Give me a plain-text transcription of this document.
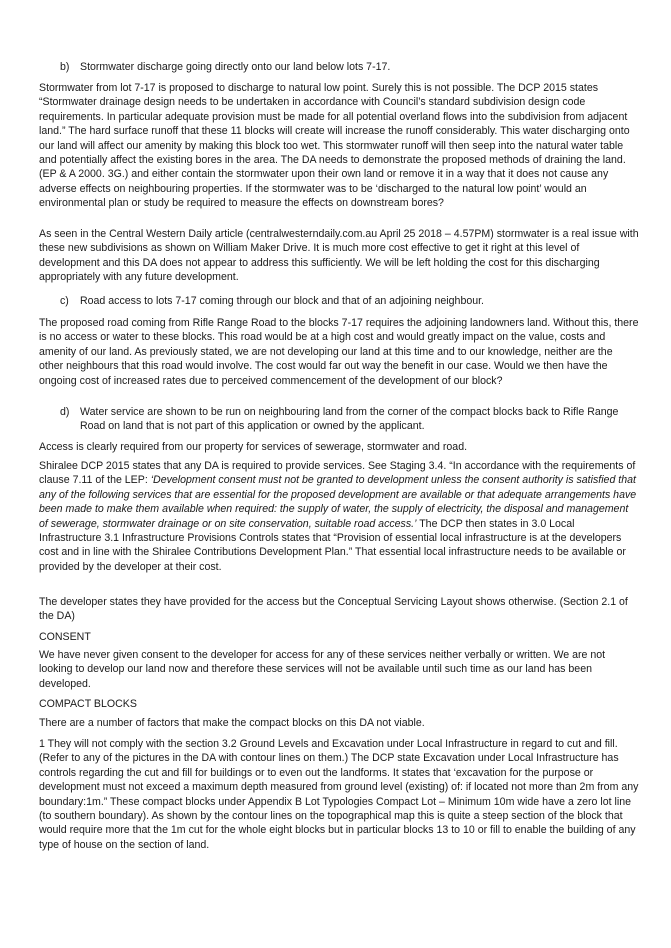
b) Stormwater discharge going directly onto our land below lots 7-17.

Stormwater from lot 7-17 is proposed to discharge to natural low point. Surely this is not possible. The DCP 2015 states “Stormwater drainage design needs to be undertaken in accordance with Council’s standard subdivision design code requirements. In particular adequate provision must be made for all potential overland flows into the subdivision from adjacent land.” The hard surface runoff that these 11 blocks will create will increase the runoff considerably. This water discharging onto our land will affect our amenity by making this block too wet. This stormwater runoff will then seep into the natural water table and potentially affect the existing bores in the area. The DA needs to demonstrate the proposed methods of draining the land. (EP & A 2000. 3G.) and either contain the stormwater upon their own land or remove it in a way that it does not cause any adverse effects on neighbouring properties. If the stormwater was to be ‘discharged to the natural low point’ would an environmental plan or study be required to measure the effects on downstream bores?

As seen in the Central Western Daily article (centralwesterndaily.com.au April 25 2018 – 4.57PM) stormwater is a real issue with these new subdivisions as shown on William Maker Drive. It is much more cost effective to get it right at this level of development and this DA does not appear to address this sufficiently. We will be left holding the cost for this discharging appropriately with any future development.

c) Road access to lots 7-17 coming through our block and that of an adjoining neighbour.

The proposed road coming from Rifle Range Road to the blocks 7-17 requires the adjoining landowners land. Without this, there is no access or water to these blocks. This road would be at a high cost and would greatly impact on the value, costs and amenity of our land. As previously stated, we are not developing our land at this time and to our knowledge, neither are the other neighbours that this road would involve. The cost would far out way the benefit in our case. Would we then have the ongoing cost of increased rates due to perceived commencement of the development of our block?

d) Water service are shown to be run on neighbouring land from the corner of the compact blocks back to Rifle Range Road on land that is not part of this application or owned by the applicant.

Access is clearly required from our property for services of sewerage, stormwater and road.

Shiralee DCP 2015 states that any DA is required to provide services. See Staging 3.4. “In accordance with the requirements of clause 7.11 of the LEP: ‘Development consent must not be granted to development unless the consent authority is satisfied that any of the following services that are essential for the proposed development are available or that adequate arrangements have been made to make them available when required: the supply of water, the supply of electricity, the disposal and management of sewerage, stormwater drainage or on site conservation, suitable road access.’ The DCP then states in 3.0 Local Infrastructure 3.1 Infrastructure Provisions Controls states that “Provision of essential local infrastructure is at the developers cost and in line with the Shiralee Contributions Development Plan.” That essential local infrastructure needs to be available or provided by the developer at their cost.

The developer states they have provided for the access but the Conceptual Servicing Layout shows otherwise. (Section 2.1 of the DA)

CONSENT

We have never given consent to the developer for access for any of these services neither verbally or written. We are not looking to develop our land now and therefore these services will not be available until such time as our land has been developed.

COMPACT BLOCKS

There are a number of factors that make the compact blocks on this DA not viable.

1 They will not comply with the section 3.2 Ground Levels and Excavation under Local Infrastructure in regard to cut and fill. (Refer to any of the pictures in the DA with contour lines on them.) The DCP state Excavation under Local Infrastructure has controls regarding the cut and fill for buildings or to even out the landforms. It states that ‘excavation for the purpose or development must not exceed a maximum depth measured from ground level (existing) of: if located not more than 2m from any boundary:1m.” These compact blocks under Appendix B Lot Typologies Compact Lot – Minimum 10m wide have a zero lot line (to southern boundary). As shown by the contour lines on the topographical map this is quite a steep section of the block that would require more that the 1m cut for the whole eight blocks but in particular blocks 13 to 10 or fill to enable the building of any type of house on the section of land.
